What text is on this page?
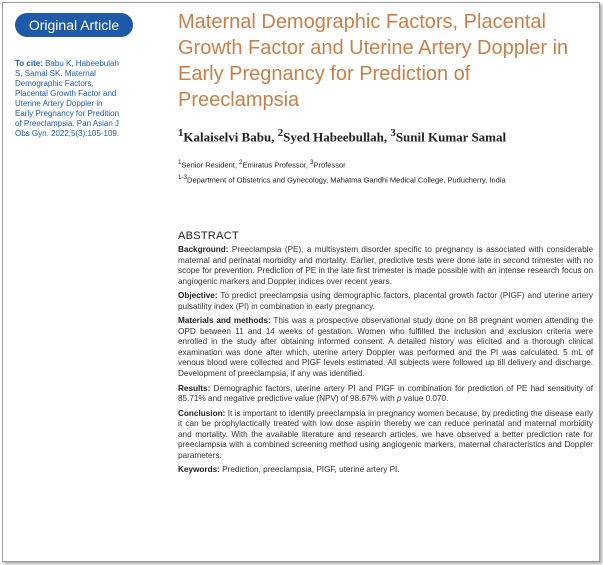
Original Article
To cite: Babu K, Habeebulah S, Samal SK. Maternal Demographic Factors, Placental Growth Factor and Uterine Artery Doppler in Early Pregnancy for Predition of Preeclampsia. Pan Asian J Obs Gyn. 2022;5(3):105-109.
Maternal Demographic Factors, Placental Growth Factor and Uterine Artery Doppler in Early Pregnancy for Prediction of Preeclampsia
$^1$Kalaiselvi Babu, $^2$Syed Habeebullah, $^3$Sunil Kumar Samal
$^1$Senior Resident, $^2$Emiratus Professor, $^3$Professor
$^{1-3}$Department of Obstetrics and Gynecology, Mahatma Gandhi Medical College, Puducherry, India
ABSTRACT

Background: Preeclampsia (PE), a multisystem disorder specific to pregnancy is associated with considerable maternal and perinatal morbidity and mortality. Earlier, predictive tests were done late in second trimester with no scope for prevention. Prediction of PE in the late first trimester is made possible with an intense research focus on angiogenic markers and Doppler indices over recent years.

Objective: To predict preeclampsia using demographic factors, placental growth factor (PIGF) and uterine artery pulsatility index (PI) in combination in early pregnancy.

Materials and methods: This was a prospective observational study done on 88 pregnant women attending the OPD between 11 and 14 weeks of gestation. Women who fulfilled the inclusion and exclusion criteria were enrolled in the study after obtaining informed consent. A detailed history was elicited and a thorough clinical examination was done after which, uterine artery Doppler was performed and the PI was calculated. 5 mL of venous blood were collected and PIGF levels estimated. All subjects were followed up till delivery and discharge. Development of preeclampsia, if any was identified.

Results: Demographic factors, uterine artery PI and PIGF in combination for prediction of PE had sensitivity of 85.71% and negative predictive value (NPV) of 98.67% with p value 0.070.

Conclusion: It is important to identify preeclampsia in pregnancy women because, by predicting the disease early it can be prophylactically treated with low dose aspirin thereby we can reduce perinatal and maternal morbidity and mortality. With the available literature and research articles, we have observed a better prediction rate for preeclampsia with a combined screening method using angiogenic markers, maternal characteristics and Doppler parameters.

Keywords: Prediction, preeclampsia, PIGF, uterine artery PI.
